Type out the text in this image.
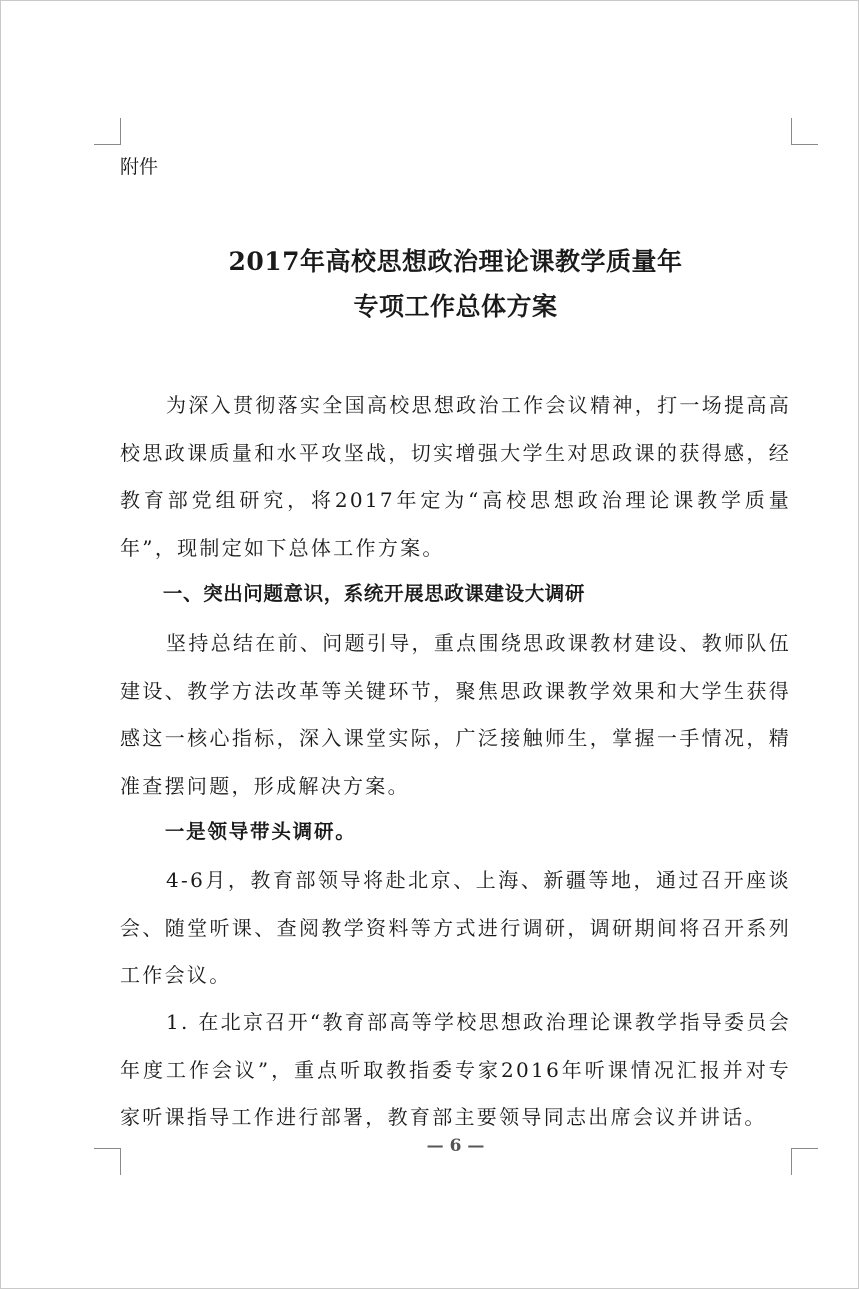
附件
2017年高校思想政治理论课教学质量年
专项工作总体方案

为深入贯彻落实全国高校思想政治工作会议精神，打一场提高高校思政课质量和水平攻坚战，切实增强大学生对思政课的获得感，经教育部党组研究，将2017年定为“高校思想政治理论课教学质量年”，现制定如下总体工作方案。

一、突出问题意识，系统开展思政课建设大调研

坚持总结在前、问题引导，重点围绕思政课教材建设、教师队伍建设、教学方法改革等关键环节，聚焦思政课教学效果和大学生获得感这一核心指标，深入课堂实际，广泛接触师生，掌握一手情况，精准查摆问题，形成解决方案。

一是领导带头调研。

4-6月，教育部领导将赴北京、上海、新疆等地，通过召开座谈会、随堂听课、查阅教学资料等方式进行调研，调研期间将召开系列工作会议。

1. 在北京召开“教育部高等学校思想政治理论课教学指导委员会年度工作会议”，重点听取教指委专家2016年听课情况汇报并对专家听课指导工作进行部署，教育部主要领导同志出席会议并讲话。

— 6 —
